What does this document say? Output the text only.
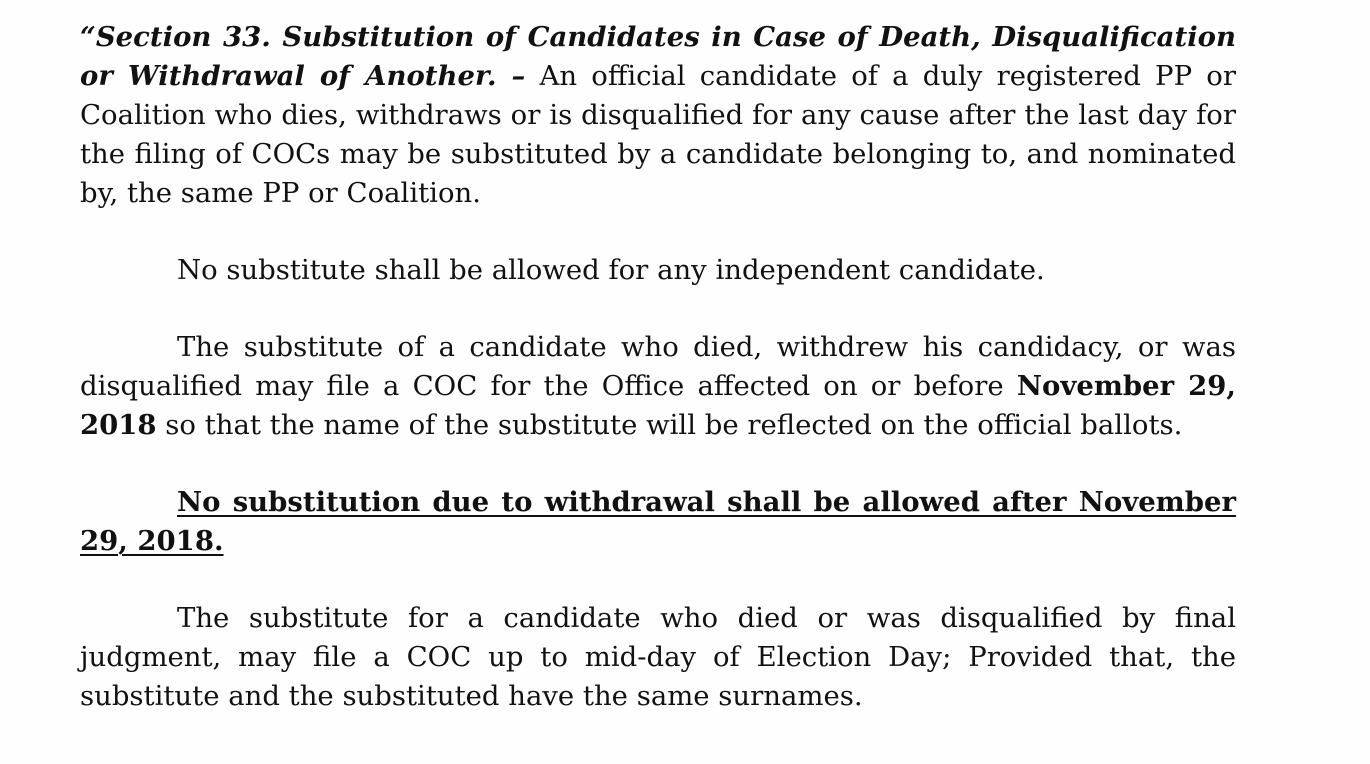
“Section 33. Substitution of Candidates in Case of Death, Disqualification or Withdrawal of Another. – An official candidate of a duly registered PP or Coalition who dies, withdraws or is disqualified for any cause after the last day for the filing of COCs may be substituted by a candidate belonging to, and nominated by, the same PP or Coalition.

No substitute shall be allowed for any independent candidate.

The substitute of a candidate who died, withdrew his candidacy, or was disqualified may file a COC for the Office affected on or before November 29, 2018 so that the name of the substitute will be reflected on the official ballots.

No substitution due to withdrawal shall be allowed after November 29, 2018.

The substitute for a candidate who died or was disqualified by final judgment, may file a COC up to mid-day of Election Day; Provided that, the substitute and the substituted have the same surnames.
